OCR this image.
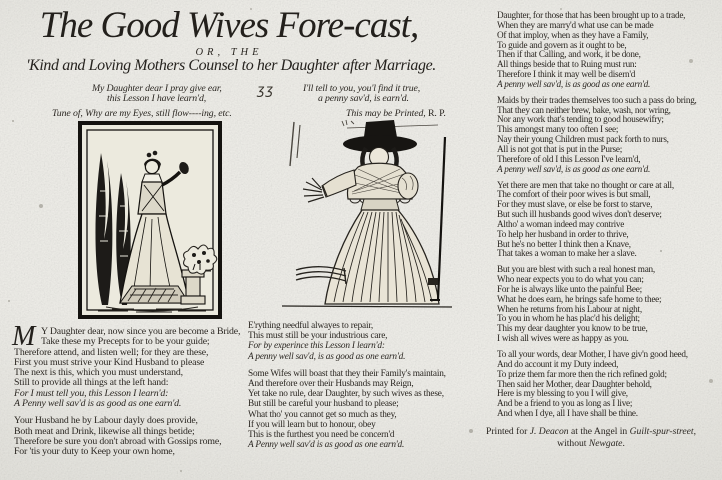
The Good Wives Fore-cast,
OR, THE
'Kind and Loving Mothers Counsel to her Daughter after Marriage.
My Daughter dear I pray give ear,
this Lesson I have learn'd,
ʒʒ	I'll tell to you, you'l find it true,
a penny sav'd, is earn'd.
Tune of, Why are my Eyes, still flow----ing, etc.	This may be Printed, R. P.
M Y Daughter dear, now since you are become a Bride,
Take these my Precepts for to be your guide;
Therefore attend, and listen well; for they are these,
First you must strive your Kind Husband to please
The next is this, which you must understand,
Still to provide all things at the left hand:
For I must tell you, this Lesson I learn'd:
A Penny well sav'd is as good as one earn'd.
Your Husband he by Labour dayly does provide,
Both meat and Drink, likewise all things betide;
Therefore be sure you don't abroad with Gossips rome,
For 'tis your duty to Keep your own home,
E'rything needful alwayes to repair,
This must still be your industrious care,
For by experince this Lesson I learn'd:
A penny well sav'd, is as good as one earn'd.
Some Wifes will boast that they their Family's maintain,
And therefore over their Husbands may Reign,
Yet take no rule, dear Daughter, by such wives as these,
But still be careful your husband to please;
What tho' you cannot get so much as they,
If you will learn but to honour, obey
This is the furthest you need be concern'd
A Penny well sav'd is as good as one earn'd.
Daughter, for those that has been brought up to a trade,
When they are marry'd what use can be made
Of that imploy, when as they have a Family,
To guide and govern as it ought to be,
Then if that Calling, and work, it be done,
All things beside that to Ruing must run:
Therefore I think it may well be disern'd
A penny well sav'd, is as good as one earn'd.
Maids by their trades themselves too such a pass do bring,
That they can neither brew, bake, wash, nor wring,
Nor any work that's tending to good housewifry;
This amongst many too often I see;
Nay their young Children must pack forth to nurs,
All is not got that is put in the Purse;
Therefore of old I this Lesson I've learn'd,
A penny well sav'd, is as good as one earn'd.
Yet there are men that take no thought or care at all,
The comfort of their poor wives is but small,
For they must slave, or else be forst to starve,
But such ill husbands good wives don't deserve;
Altho' a woman indeed may contrive
To help her husband in order to thrive,
But he's no better I think then a Knave,
That takes a woman to make her a slave.
But you are blest with such a real honest man,
Who near expects you to do what you can;
For he is always like unto the painful Bee;
What he does earn, he brings safe home to thee;
When he returns from his Labour at night,
To you in whom he has plac'd his delight;
This my dear daughter you know to be true,
I wish all wives were as happy as you.
To all your words, dear Mother, I have giv'n good heed,
And do account it my Duty indeed,
To prize them far more then the rich refined gold;
Then said her Mother, dear Daughter behold,
Here is my blessing to you I will give,
And be a friend to you as long as I live;
And when I dye, all I have shall be thine.
Printed for J. Deacon at the Angel in Guilt-spur-street,
without Newgate.
